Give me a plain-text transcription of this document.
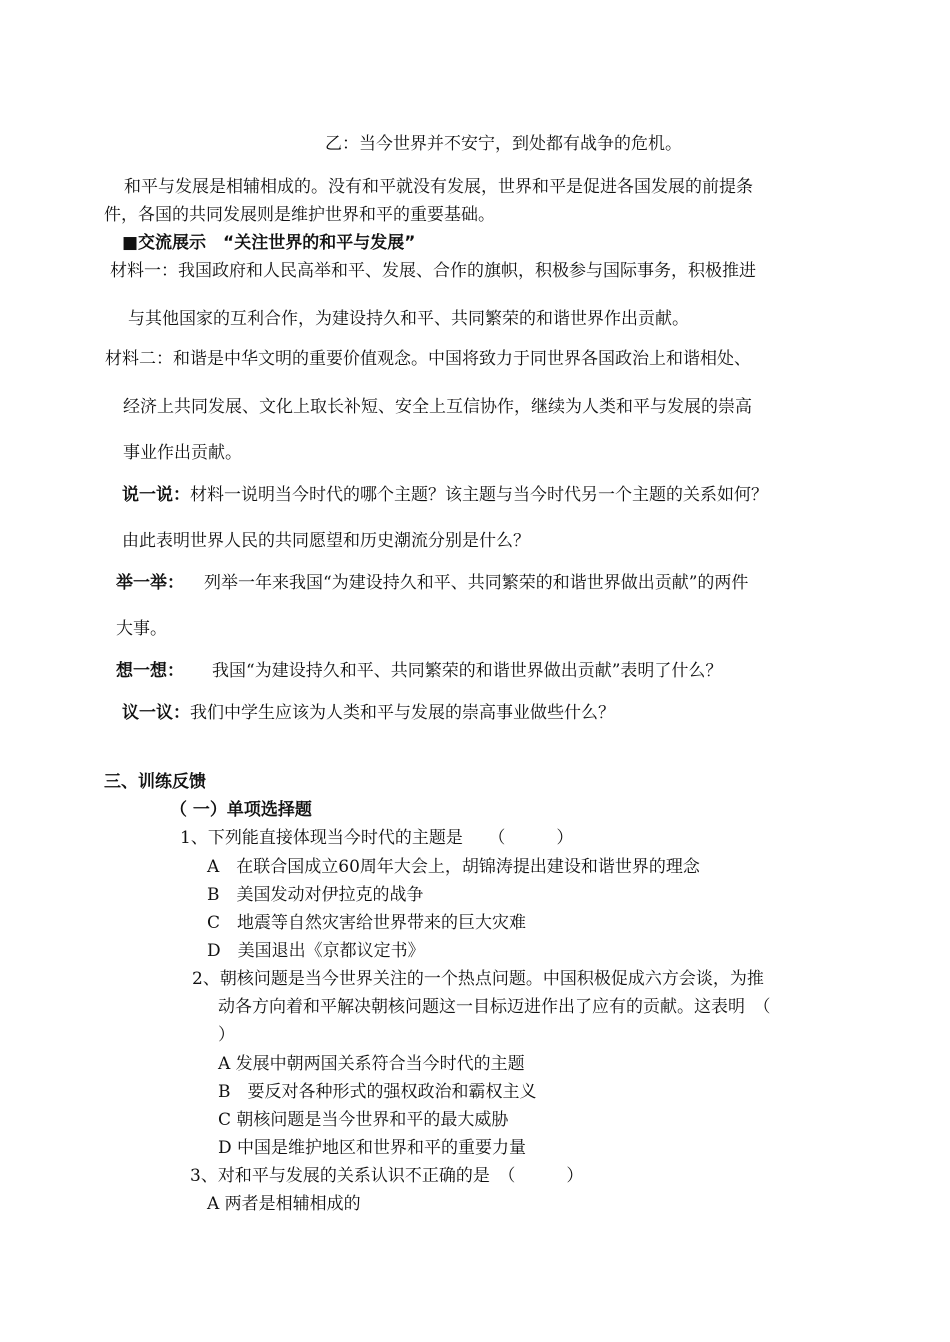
乙：当今世界并不安宁，到处都有战争的危机。
和平与发展是相辅相成的。没有和平就没有发展，世界和平是促进各国发展的前提条
件，各国的共同发展则是维护世界和平的重要基础。
■交流展示　“关注世界的和平与发展”
材料一：我国政府和人民高举和平、发展、合作的旗帜，积极参与国际事务，积极推进
与其他国家的互利合作，为建设持久和平、共同繁荣的和谐世界作出贡献。
材料二：和谐是中华文明的重要价值观念。中国将致力于同世界各国政治上和谐相处、
经济上共同发展、文化上取长补短、安全上互信协作，继续为人类和平与发展的崇高
事业作出贡献。
说一说：材料一说明当今时代的哪个主题？该主题与当今时代另一个主题的关系如何？
由此表明世界人民的共同愿望和历史潮流分别是什么？
举一举： 列举一年来我国“为建设持久和平、共同繁荣的和谐世界做出贡献”的两件
大事。
想一想： 我国“为建设持久和平、共同繁荣的和谐世界做出贡献”表明了什么？
议一议：我们中学生应该为人类和平与发展的崇高事业做些什么？
三、训练反馈
（ 一）单项选择题
1、下列能直接体现当今时代的主题是　　（　　　）
A　在联合国成立60周年大会上，胡锦涛提出建设和谐世界的理念
B　美国发动对伊拉克的战争
C　地震等自然灾害给世界带来的巨大灾难
D　美国退出《京都议定书》
2、朝核问题是当今世界关注的一个热点问题。中国积极促成六方会谈，为推
动各方向着和平解决朝核问题这一目标迈进作出了应有的贡献。这表明　（
）
A 发展中朝两国关系符合当今时代的主题
B　要反对各种形式的强权政治和霸权主义
C 朝核问题是当今世界和平的最大威胁
D 中国是维护地区和世界和平的重要力量
3、对和平与发展的关系认识不正确的是　（　　　）
A 两者是相辅相成的
